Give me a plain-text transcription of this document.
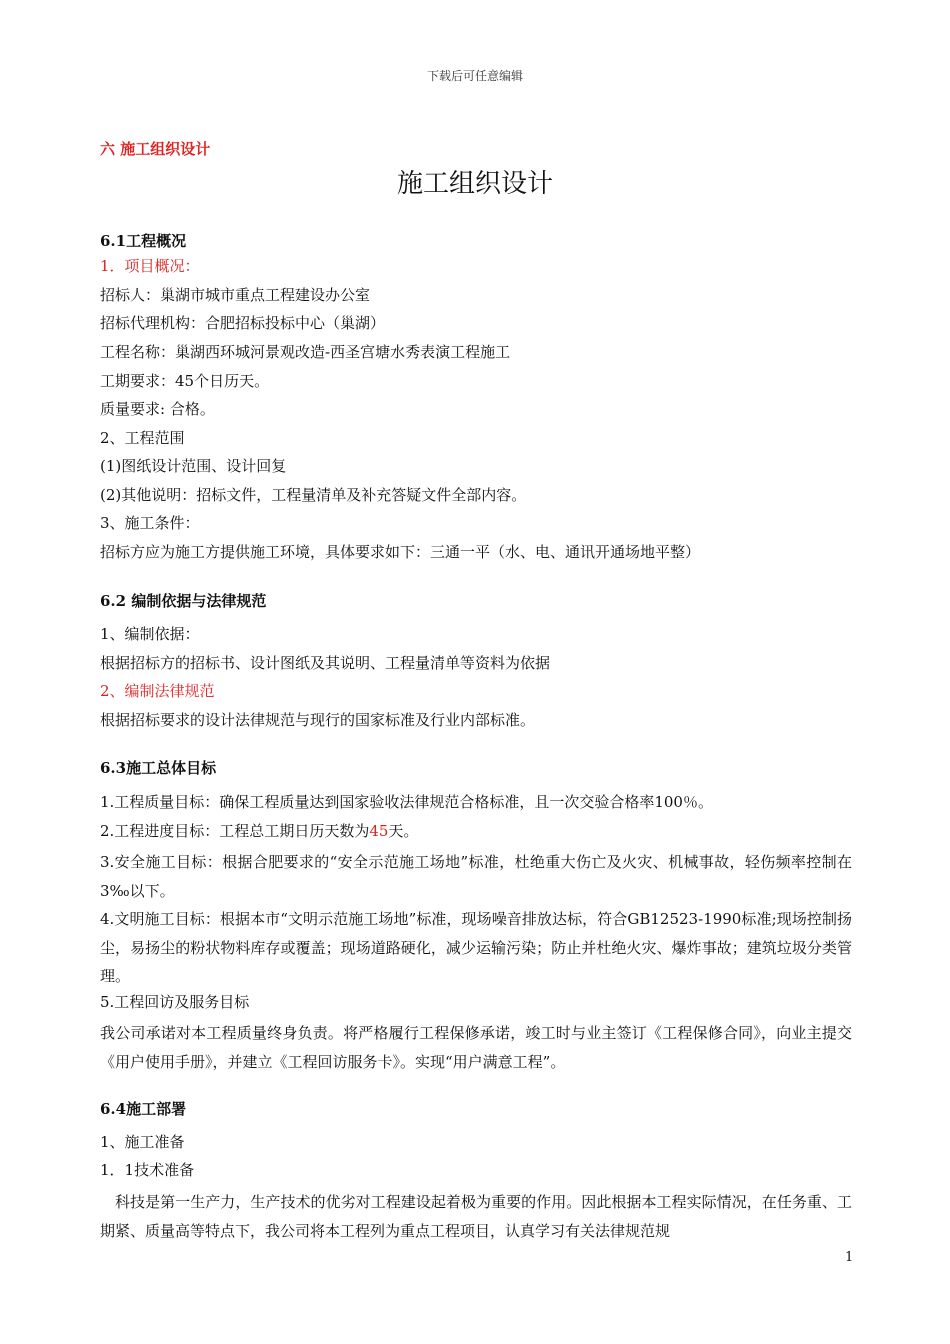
下载后可任意编辑
六 施工组织设计
施工组织设计
6.1工程概况
1．项目概况：
招标人：巢湖市城市重点工程建设办公室
招标代理机构：合肥招标投标中心（巢湖）
工程名称：巢湖西环城河景观改造-西圣宫塘水秀表演工程施工
工期要求：45个日历天。
质量要求: 合格。
2、工程范围
(1)图纸设计范围、设计回复
(2)其他说明：招标文件，工程量清单及补充答疑文件全部内容。
3、施工条件：
招标方应为施工方提供施工环境，具体要求如下：三通一平（水、电、通讯开通场地平整）
6.2 编制依据与法律规范
1、编制依据：
根据招标方的招标书、设计图纸及其说明、工程量清单等资料为依据
2、编制法律规范
根据招标要求的设计法律规范与现行的国家标准及行业内部标准。
6.3施工总体目标
1.工程质量目标：确保工程质量达到国家验收法律规范合格标准，且一次交验合格率100％。
2.工程进度目标：工程总工期日历天数为45天。
3.安全施工目标：根据合肥要求的“安全示范施工场地”标准，杜绝重大伤亡及火灾、机械事故，轻伤频率控制在3‰以下。
4.文明施工目标：根据本市“文明示范施工场地”标准，现场噪音排放达标，符合GB12523-1990标准;现场控制扬尘，易扬尘的粉状物料库存或覆盖；现场道路硬化，减少运输污染；防止并杜绝火灾、爆炸事故；建筑垃圾分类管理。
5.工程回访及服务目标
我公司承诺对本工程质量终身负责。将严格履行工程保修承诺，竣工时与业主签订《工程保修合同》，向业主提交《用户使用手册》，并建立《工程回访服务卡》。实现“用户满意工程”。
6.4施工部署
1、施工准备
1．1技术准备
科技是第一生产力，生产技术的优劣对工程建设起着极为重要的作用。因此根据本工程实际情况，在任务重、工期紧、质量高等特点下，我公司将本工程列为重点工程项目，认真学习有关法律规范规
1
